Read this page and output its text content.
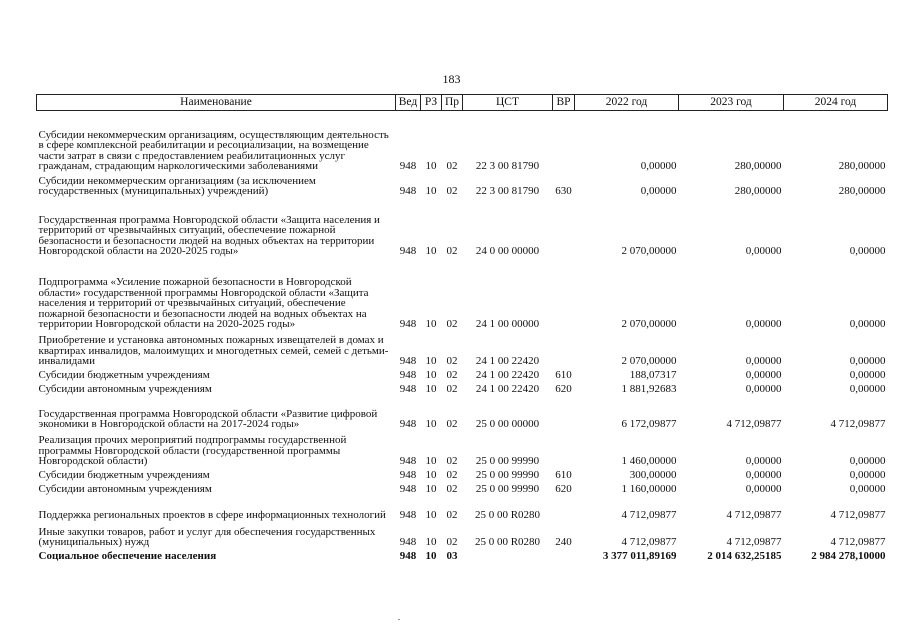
183
Наименование	Вед	РЗ	Пр	ЦСТ	ВР	2022 год	2023 год	2024 год

Субсидии некоммерческим организациям, осуществляющим деятельность в сфере комплексной реабилитации и ресоциализации, на возмещение части затрат в связи с предоставлением реабилитационных услуг гражданам, страдающим наркологическими заболеваниями	948	10	02	22 3 00 81790		0,00000	280,00000	280,00000

Субсидии некоммерческим организациям (за исключением государственных (муниципальных) учреждений)	948	10	02	22 3 00 81790	630	0,00000	280,00000	280,00000

Государственная программа Новгородской области «Защита населения и территорий от чрезвычайных ситуаций, обеспечение пожарной безопасности и безопасности людей на водных объектах на территории Новгородской области на 2020-2025 годы»	948	10	02	24 0 00 00000		2 070,00000	0,00000	0,00000

Подпрограмма «Усиление пожарной безопасности в Новгородской области» государственной программы Новгородской области «Защита населения и территорий от чрезвычайных ситуаций, обеспечение пожарной безопасности и безопасности людей на водных объектах на территории Новгородской области на 2020-2025 годы»	948	10	02	24 1 00 00000		2 070,00000	0,00000	0,00000

Приобретение и установка автономных пожарных извещателей в домах и квартирах инвалидов, малоимущих и многодетных семей, семей с детьми-инвалидами	948	10	02	24 1 00 22420		2 070,00000	0,00000	0,00000

Субсидии бюджетным учреждениям	948	10	02	24 1 00 22420	610	188,07317	0,00000	0,00000

Субсидии автономным учреждениям	948	10	02	24 1 00 22420	620	1 881,92683	0,00000	0,00000

Государственная программа Новгородской области «Развитие цифровой экономики в Новгородской области на 2017-2024 годы»	948	10	02	25 0 00 00000		6 172,09877	4 712,09877	4 712,09877

Реализация прочих мероприятий подпрограммы государственной программы Новгородской области (государственной программы Новгородской области)	948	10	02	25 0 00 99990		1 460,00000	0,00000	0,00000

Субсидии бюджетным учреждениям	948	10	02	25 0 00 99990	610	300,00000	0,00000	0,00000

Субсидии автономным учреждениям	948	10	02	25 0 00 99990	620	1 160,00000	0,00000	0,00000

Поддержка региональных проектов в сфере информационных технологий	948	10	02	25 0 00 R0280		4 712,09877	4 712,09877	4 712,09877

Иные закупки товаров, работ и услуг для обеспечения государственных (муниципальных) нужд	948	10	02	25 0 00 R0280	240	4 712,09877	4 712,09877	4 712,09877

Социальное обеспечение населения	948	10	03			3 377 011,89169	2 014 632,25185	2 984 278,10000
